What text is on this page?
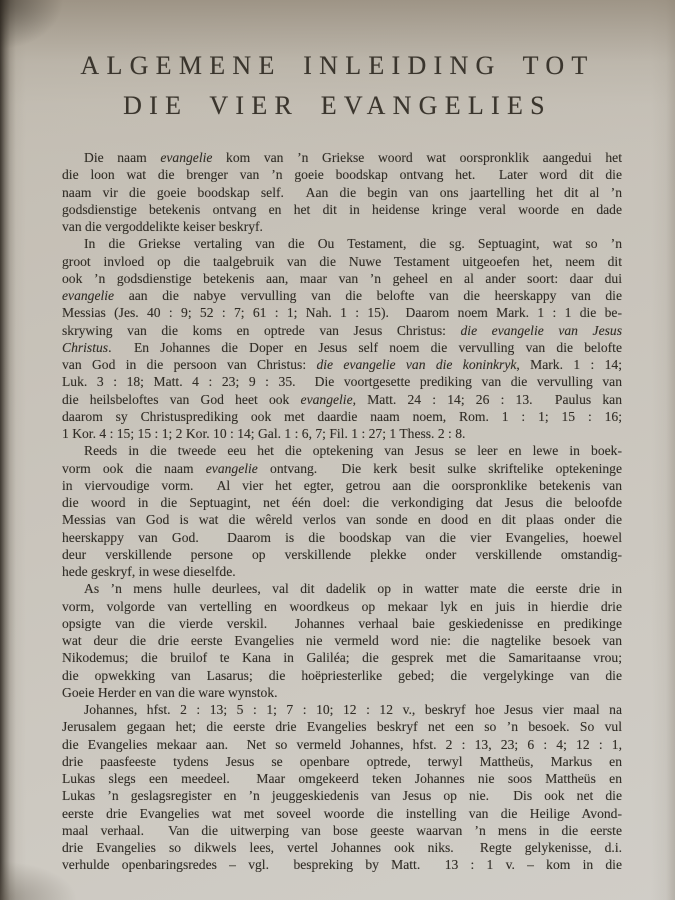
ALGEMENE INLEIDING TOT
DIE VIER EVANGELIES
Die naam evangelie kom van ’n Griekse woord wat oorspronklik aangedui het
die loon wat die brenger van ’n goeie boodskap ontvang het.  Later word dit die
naam vir die goeie boodskap self.  Aan die begin van ons jaartelling het dit al ’n
godsdienstige betekenis ontvang en het dit in heidense kringe veral woorde en dade
van die vergoddelikte keiser beskryf.
In die Griekse vertaling van die Ou Testament, die sg. Septuagint, wat so ’n
groot invloed op die taalgebruik van die Nuwe Testament uitgeoefen het, neem dit
ook ’n godsdienstige betekenis aan, maar van ’n geheel en al ander soort: daar dui
evangelie aan die nabye vervulling van die belofte van die heerskappy van die
Messias (Jes. 40 : 9; 52 : 7; 61 : 1; Nah. 1 : 15).  Daarom noem Mark. 1 : 1 die be-
skrywing van die koms en optrede van Jesus Christus: die evangelie van Jesus
Christus.  En Johannes die Doper en Jesus self noem die vervulling van die belofte
van God in die persoon van Christus: die evangelie van die koninkryk, Mark. 1 : 14;
Luk. 3 : 18; Matt. 4 : 23; 9 : 35.  Die voortgesette prediking van die vervulling van
die heilsbeloftes van God heet ook evangelie, Matt. 24 : 14; 26 : 13.  Paulus kan
daarom sy Christusprediking ook met daardie naam noem, Rom. 1 : 1; 15 : 16;
1 Kor. 4 : 15; 15 : 1; 2 Kor. 10 : 14; Gal. 1 : 6, 7; Fil. 1 : 27; 1 Thess. 2 : 8.
Reeds in die tweede eeu het die optekening van Jesus se leer en lewe in boek-
vorm ook die naam evangelie ontvang.  Die kerk besit sulke skriftelike optekeninge
in viervoudige vorm.  Al vier het egter, getrou aan die oorspronklike betekenis van
die woord in die Septuagint, net één doel: die verkondiging dat Jesus die beloofde
Messias van God is wat die wêreld verlos van sonde en dood en dit plaas onder die
heerskappy van God.  Daarom is die boodskap van die vier Evangelies, hoewel
deur verskillende persone op verskillende plekke onder verskillende omstandig-
hede geskryf, in wese dieselfde.
As ’n mens hulle deurlees, val dit dadelik op in watter mate die eerste drie in
vorm, volgorde van vertelling en woordkeus op mekaar lyk en juis in hierdie drie
opsigte van die vierde verskil.  Johannes verhaal baie geskiedenisse en predikinge
wat deur die drie eerste Evangelies nie vermeld word nie: die nagtelike besoek van
Nikodemus; die bruilof te Kana in Galiléa; die gesprek met die Samaritaanse vrou;
die opwekking van Lasarus; die hoëpriesterlike gebed; die vergelykinge van die
Goeie Herder en van die ware wynstok.
Johannes, hfst. 2 : 13; 5 : 1; 7 : 10; 12 : 12 v., beskryf hoe Jesus vier maal na
Jerusalem gegaan het; die eerste drie Evangelies beskryf net een so ’n besoek. So vul
die Evangelies mekaar aan.  Net so vermeld Johannes, hfst. 2 : 13, 23; 6 : 4; 12 : 1,
drie paasfeeste tydens Jesus se openbare optrede, terwyl Mattheüs, Markus en
Lukas slegs een meedeel.  Maar omgekeerd teken Johannes nie soos Mattheüs en
Lukas ’n geslagsregister en ’n jeuggeskiedenis van Jesus op nie.  Dis ook net die
eerste drie Evangelies wat met soveel woorde die instelling van die Heilige Avond-
maal verhaal.  Van die uitwerping van bose geeste waarvan ’n mens in die eerste
drie Evangelies so dikwels lees, vertel Johannes ook niks.  Regte gelykenisse, d.i.
verhulde openbaringsredes – vgl.  bespreking by Matt.  13 : 1 v. – kom in die
